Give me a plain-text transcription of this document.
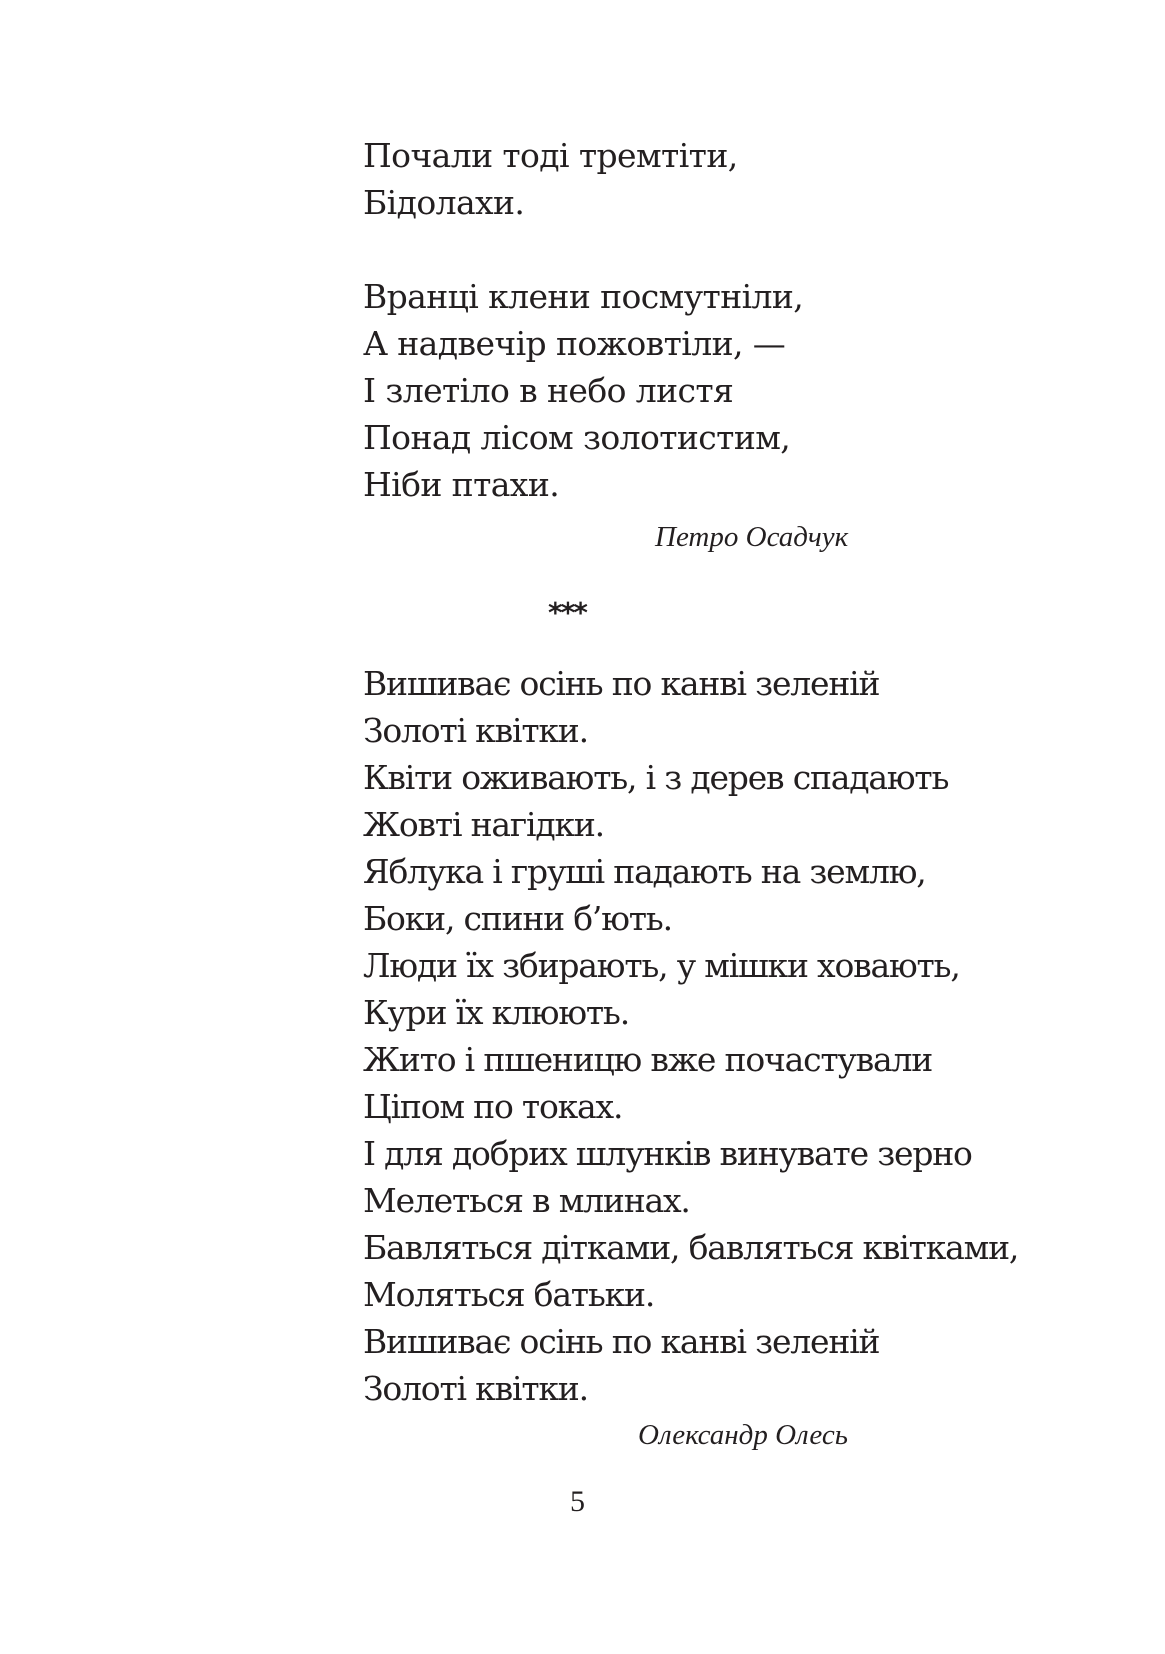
Почали тоді тремтіти,
Бідолахи.
Вранці клени посмутніли,
А надвечір пожовтіли, —
І злетіло в небо листя
Понад лісом золотистим,
Ніби птахи.
Петро Осадчук
***
Вишиває осінь по канві зеленій
Золоті квітки.
Квіти оживають, і з дерев спадають
Жовті нагідки.
Яблука і груші падають на землю,
Боки, спини б’ють.
Люди їх збирають, у мішки ховають,
Кури їх клюють.
Жито і пшеницю вже почастували
Ціпом по токах.
І для добрих шлунків винувате зерно
Мелеться в млинах.
Бавляться дітками, бавляться квітками,
Моляться батьки.
Вишиває осінь по канві зеленій
Золоті квітки.
Олександр Олесь
5
